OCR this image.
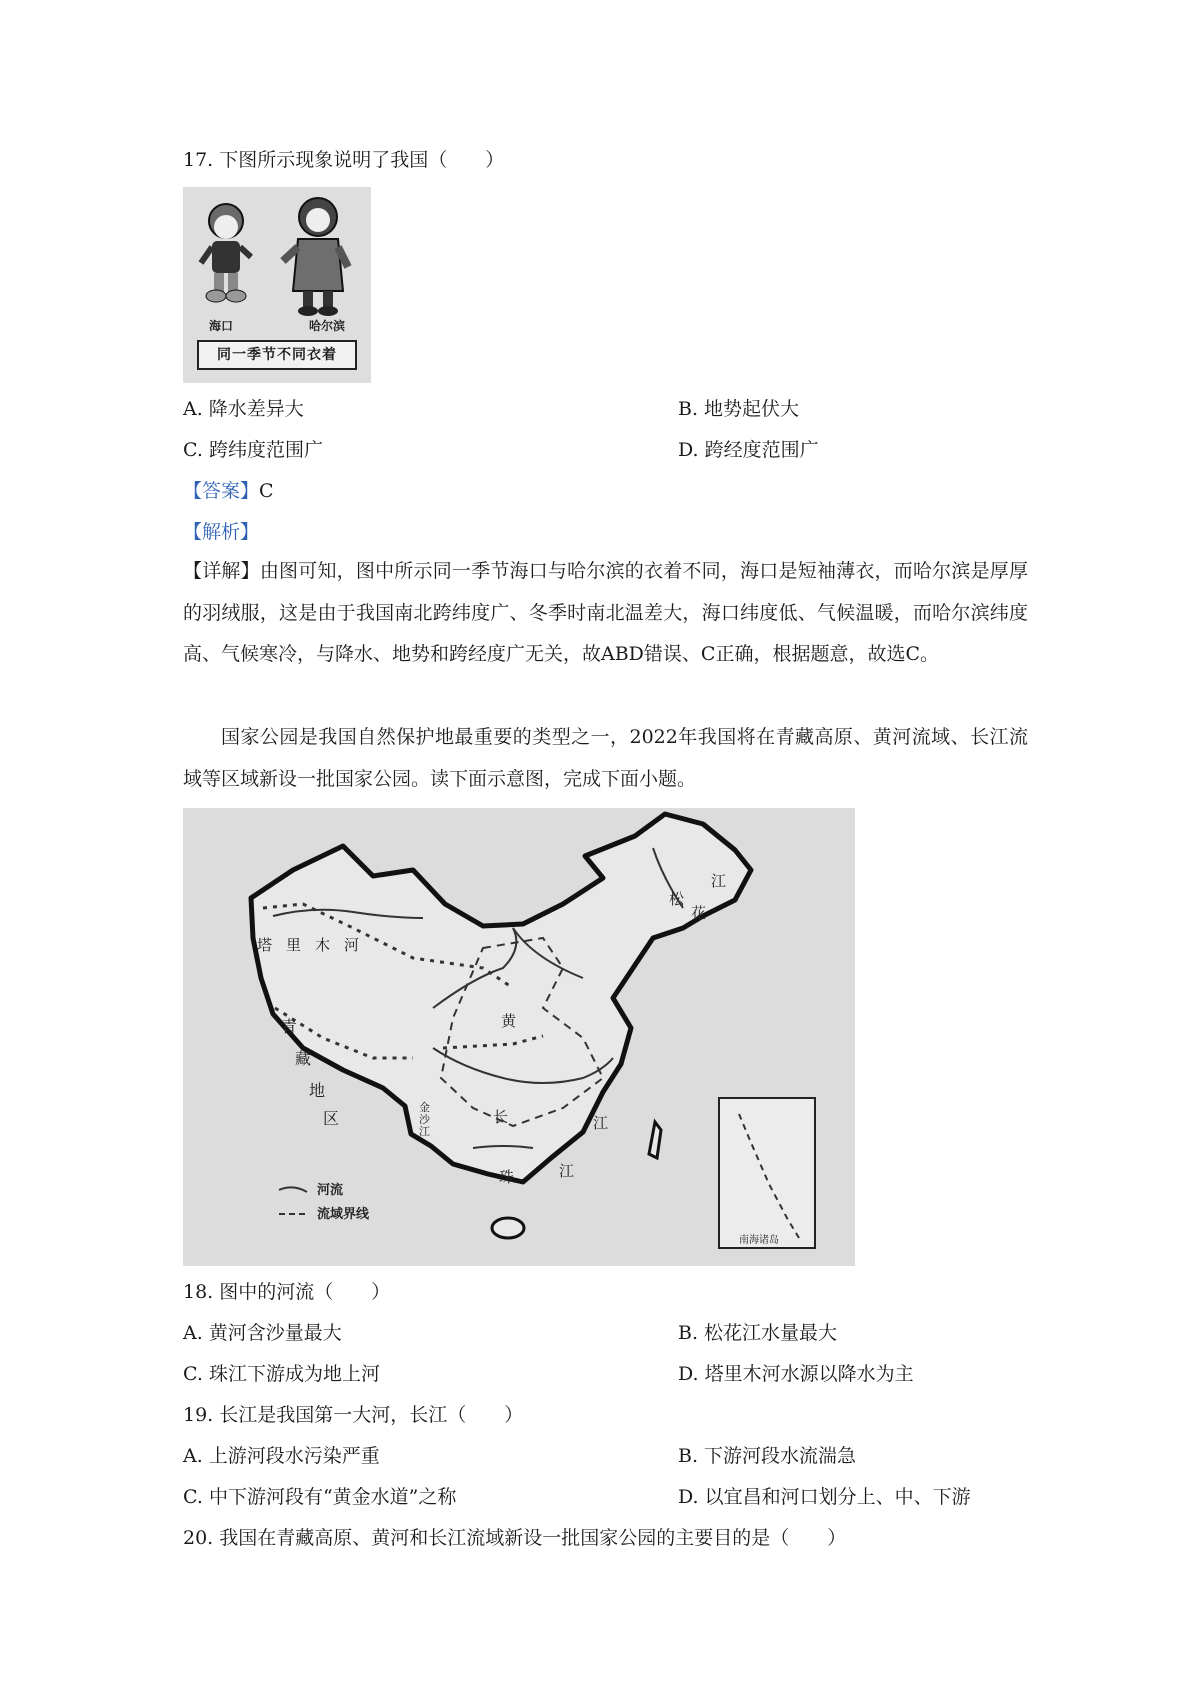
17. 下图所示现象说明了我国（　　）
海口	哈尔滨
同一季节不同衣着
A. 降水差异大	B. 地势起伏大
C. 跨纬度范围广	D. 跨经度范围广
【答案】C
【解析】
【详解】由图可知，图中所示同一季节海口与哈尔滨的衣着不同，海口是短袖薄衣，而哈尔滨是厚厚的羽绒服，这是由于我国南北跨纬度广、冬季时南北温差大，海口纬度低、气候温暖，而哈尔滨纬度高、气候寒冷，与降水、地势和跨经度广无关，故ABD错误、C正确，根据题意，故选C。
国家公园是我国自然保护地最重要的类型之一，2022年我国将在青藏高原、黄河流域、长江流域等区域新设一批国家公园。读下面示意图，完成下面小题。
塔里木河
松
花
江
青
藏
地
区
金沙江
黄
长	江
珠	江
河流
流域界线
南海诸岛
18. 图中的河流（　　）
A. 黄河含沙量最大	B. 松花江水量最大
C. 珠江下游成为地上河	D. 塔里木河水源以降水为主
19. 长江是我国第一大河，长江（　　）
A. 上游河段水污染严重	B. 下游河段水流湍急
C. 中下游河段有“黄金水道”之称	D. 以宜昌和河口划分上、中、下游
20. 我国在青藏高原、黄河和长江流域新设一批国家公园的主要目的是（　　）
